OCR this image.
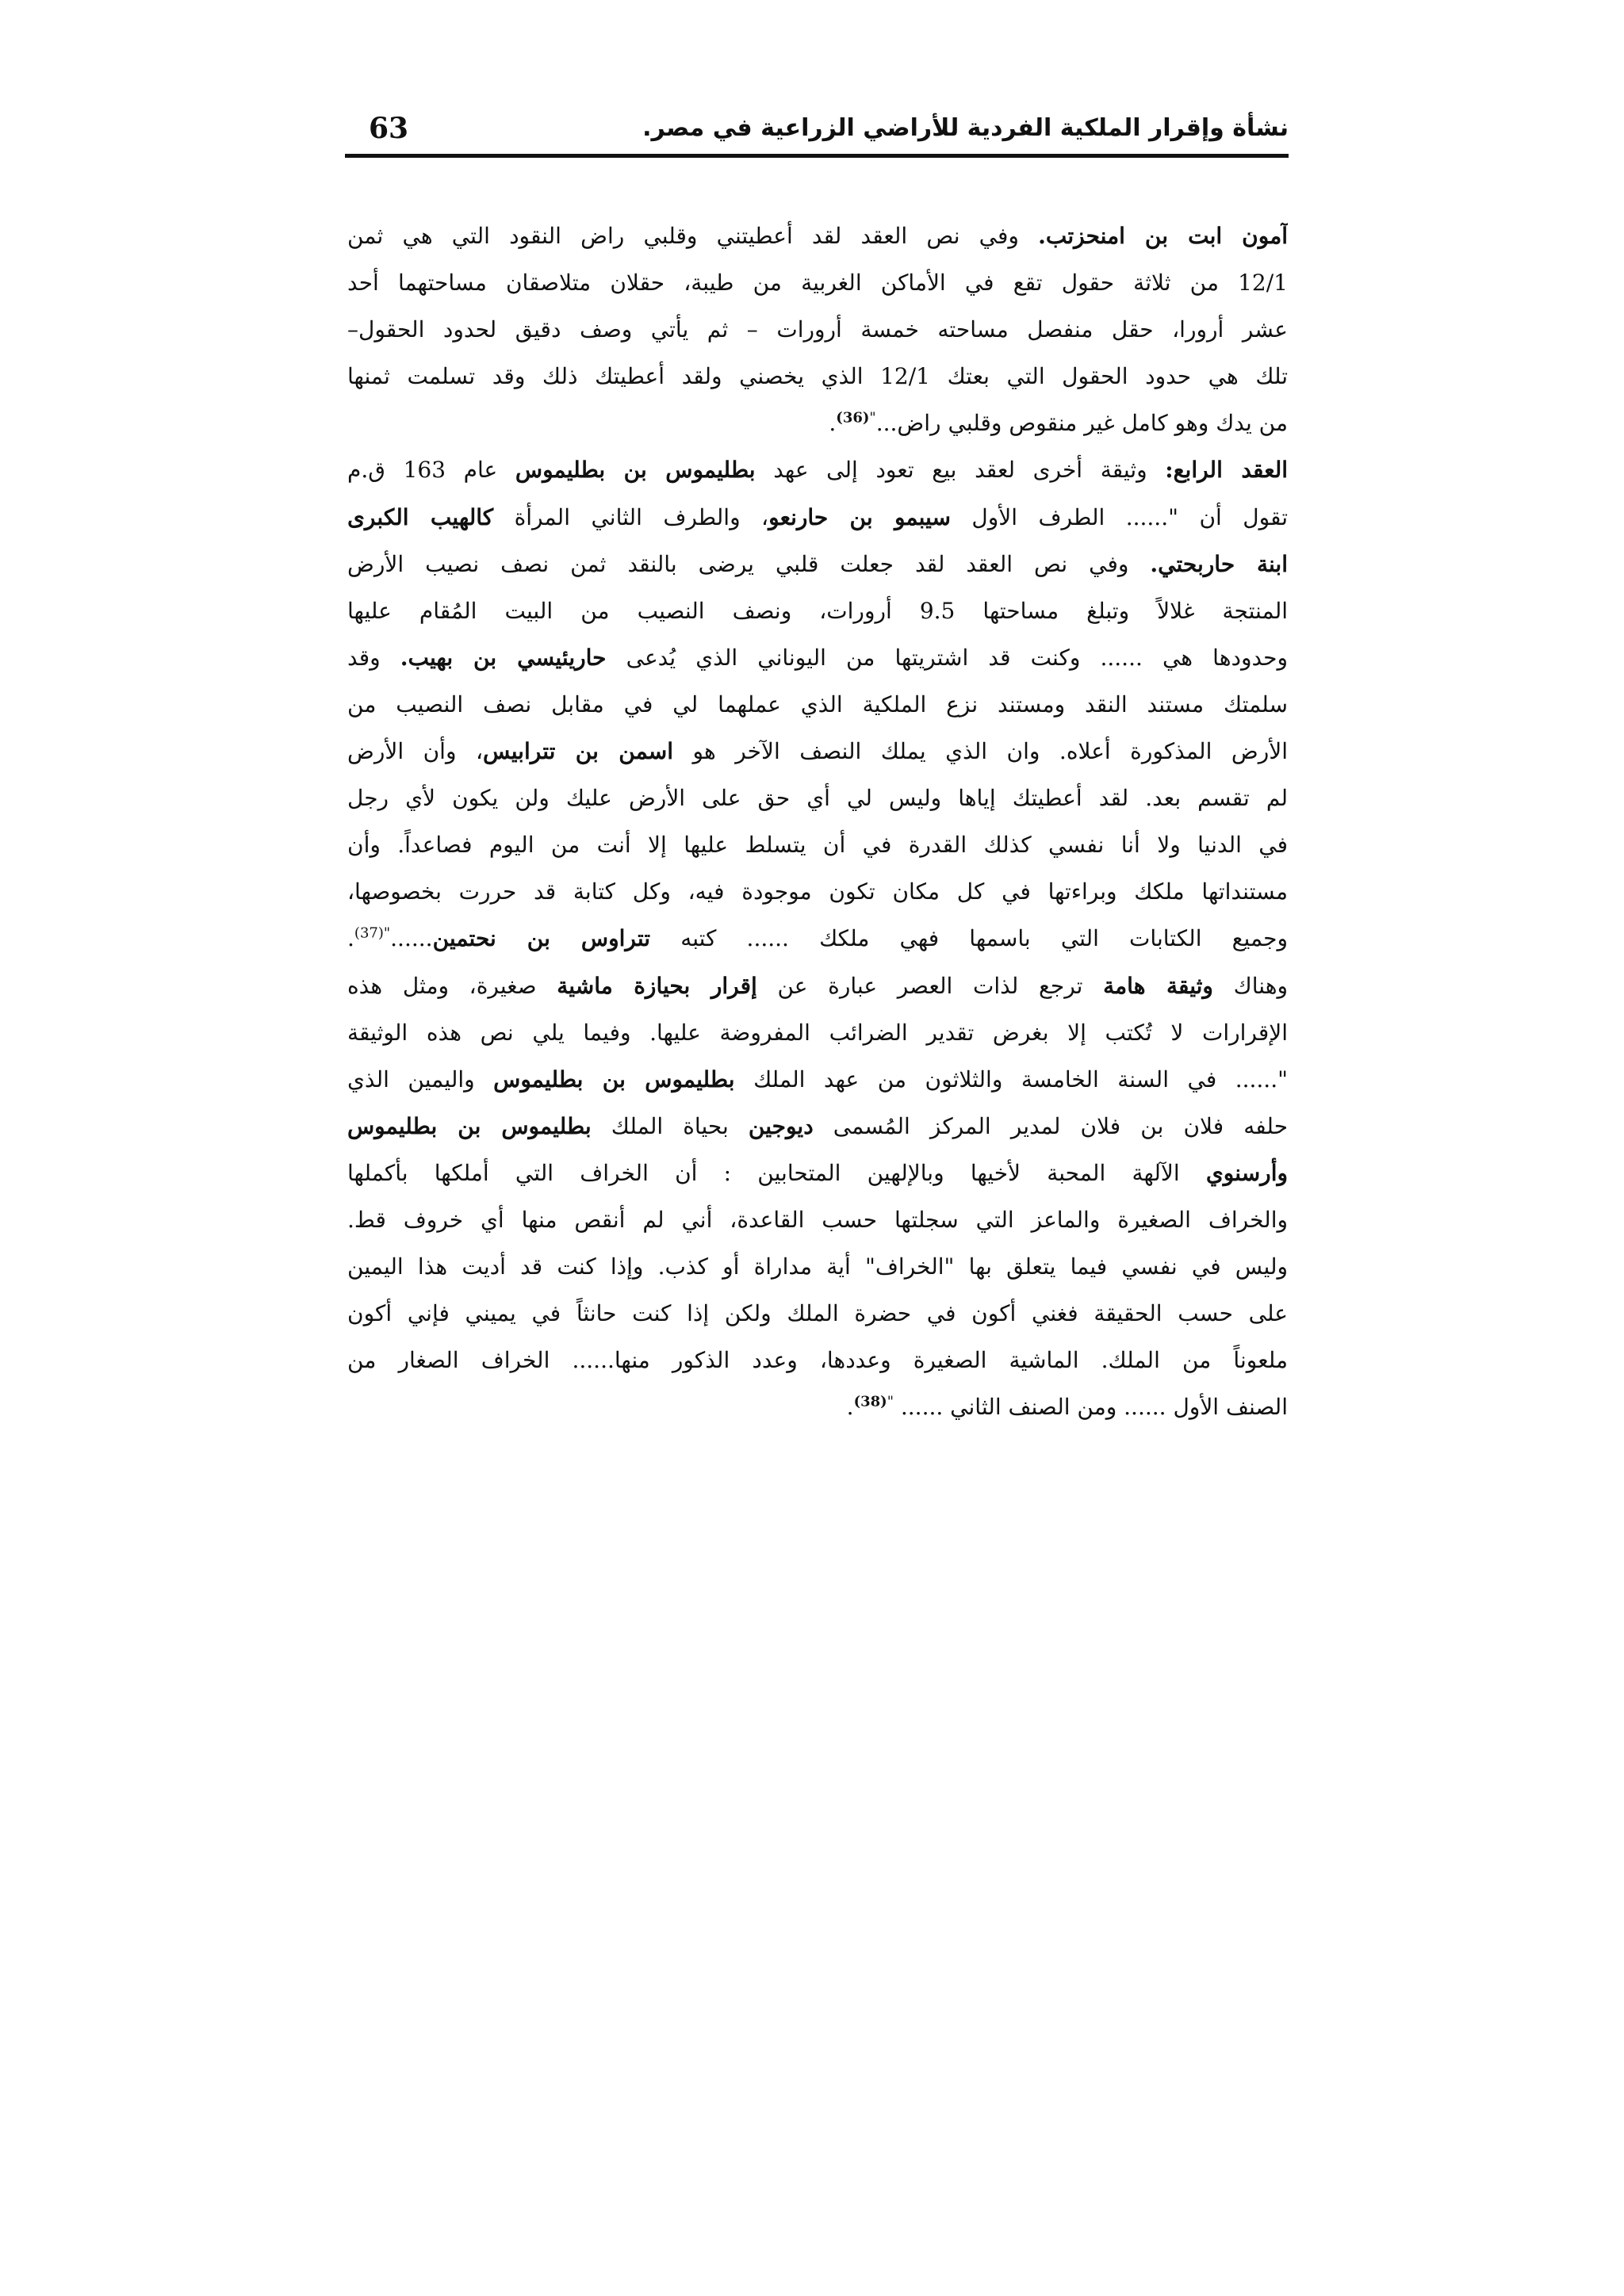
نشأة وإقرار الملكية الفردية للأراضي الزراعية في مصر.
63
آمون ابت بن امنحزتب. وفي نص العقد لقد أعطيتني وقلبي راض النقود التي هي ثمن
12/1 من ثلاثة حقول تقع في الأماكن الغربية من طيبة، حقلان متلاصقان مساحتهما أحد
عشر أرورا، حقل منفصل مساحته خمسة أرورات – ثم يأتي وصف دقيق لحدود الحقول–
تلك هي حدود الحقول التي بعتك 12/1 الذي يخصني ولقد أعطيتك ذلك وقد تسلمت ثمنها
من يدك وهو كامل غير منقوص وقلبي راض...$^{"(36)}$.
العقد الرابع: وثيقة أخرى لعقد بيع تعود إلى عهد بطليموس بن بطليموس عام 163 ق.م
تقول أن "...... الطرف الأول سيبمو بن حارنعو، والطرف الثاني المرأة كالهيب الكبرى
ابنة حاربحتي. وفي نص العقد لقد جعلت قلبي يرضى بالنقد ثمن نصف نصيب الأرض
المنتجة غلالاً وتبلغ مساحتها 9.5 أرورات، ونصف النصيب من البيت المُقام عليها
وحدودها هي ...... وكنت قد اشتريتها من اليوناني الذي يُدعى حاريئيسي بن بهيب. وقد
سلمتك مستند النقد ومستند نزع الملكية الذي عملهما لي في مقابل نصف النصيب من
الأرض المذكورة أعلاه. وان الذي يملك النصف الآخر هو اسمن بن تترابيس، وأن الأرض
لم تقسم بعد. لقد أعطيتك إياها وليس لي أي حق على الأرض عليك ولن يكون لأي رجل
في الدنيا ولا أنا نفسي كذلك القدرة في أن يتسلط عليها إلا أنت من اليوم فصاعداً. وأن
مستنداتها ملكك وبراءتها في كل مكان تكون موجودة فيه، وكل كتابة قد حررت بخصوصها،
وجميع الكتابات التي باسمها فهي ملكك ...... كتبه تتراوس بن نحتمين......$^{"(37)}$.
وهناك وثيقة هامة ترجع لذات العصر عبارة عن إقرار بحيازة ماشية صغيرة، ومثل هذه
الإقرارات لا تُكتب إلا بغرض تقدير الضرائب المفروضة عليها. وفيما يلي نص هذه الوثيقة
"...... في السنة الخامسة والثلاثون من عهد الملك بطليموس بن بطليموس واليمين الذي
حلفه فلان بن فلان لمدير المركز المُسمى ديوجين بحياة الملك بطليموس بن بطليموس
وأرسنوي الآلهة المحبة لأخيها وبالإلهين المتحابين : أن الخراف التي أملكها بأكملها
والخراف الصغيرة والماعز التي سجلتها حسب القاعدة، أني لم أنقص منها أي خروف قط.
وليس في نفسي فيما يتعلق بها "الخراف" أية مداراة أو كذب. وإذا كنت قد أديت هذا اليمين
على حسب الحقيقة فغني أكون في حضرة الملك ولكن إذا كنت حانثاً في يميني فإني أكون
ملعوناً من الملك. الماشية الصغيرة وعددها، وعدد الذكور منها...... الخراف الصغار من
الصنف الأول ...... ومن الصنف الثاني ...... $^{"(38)}$.
